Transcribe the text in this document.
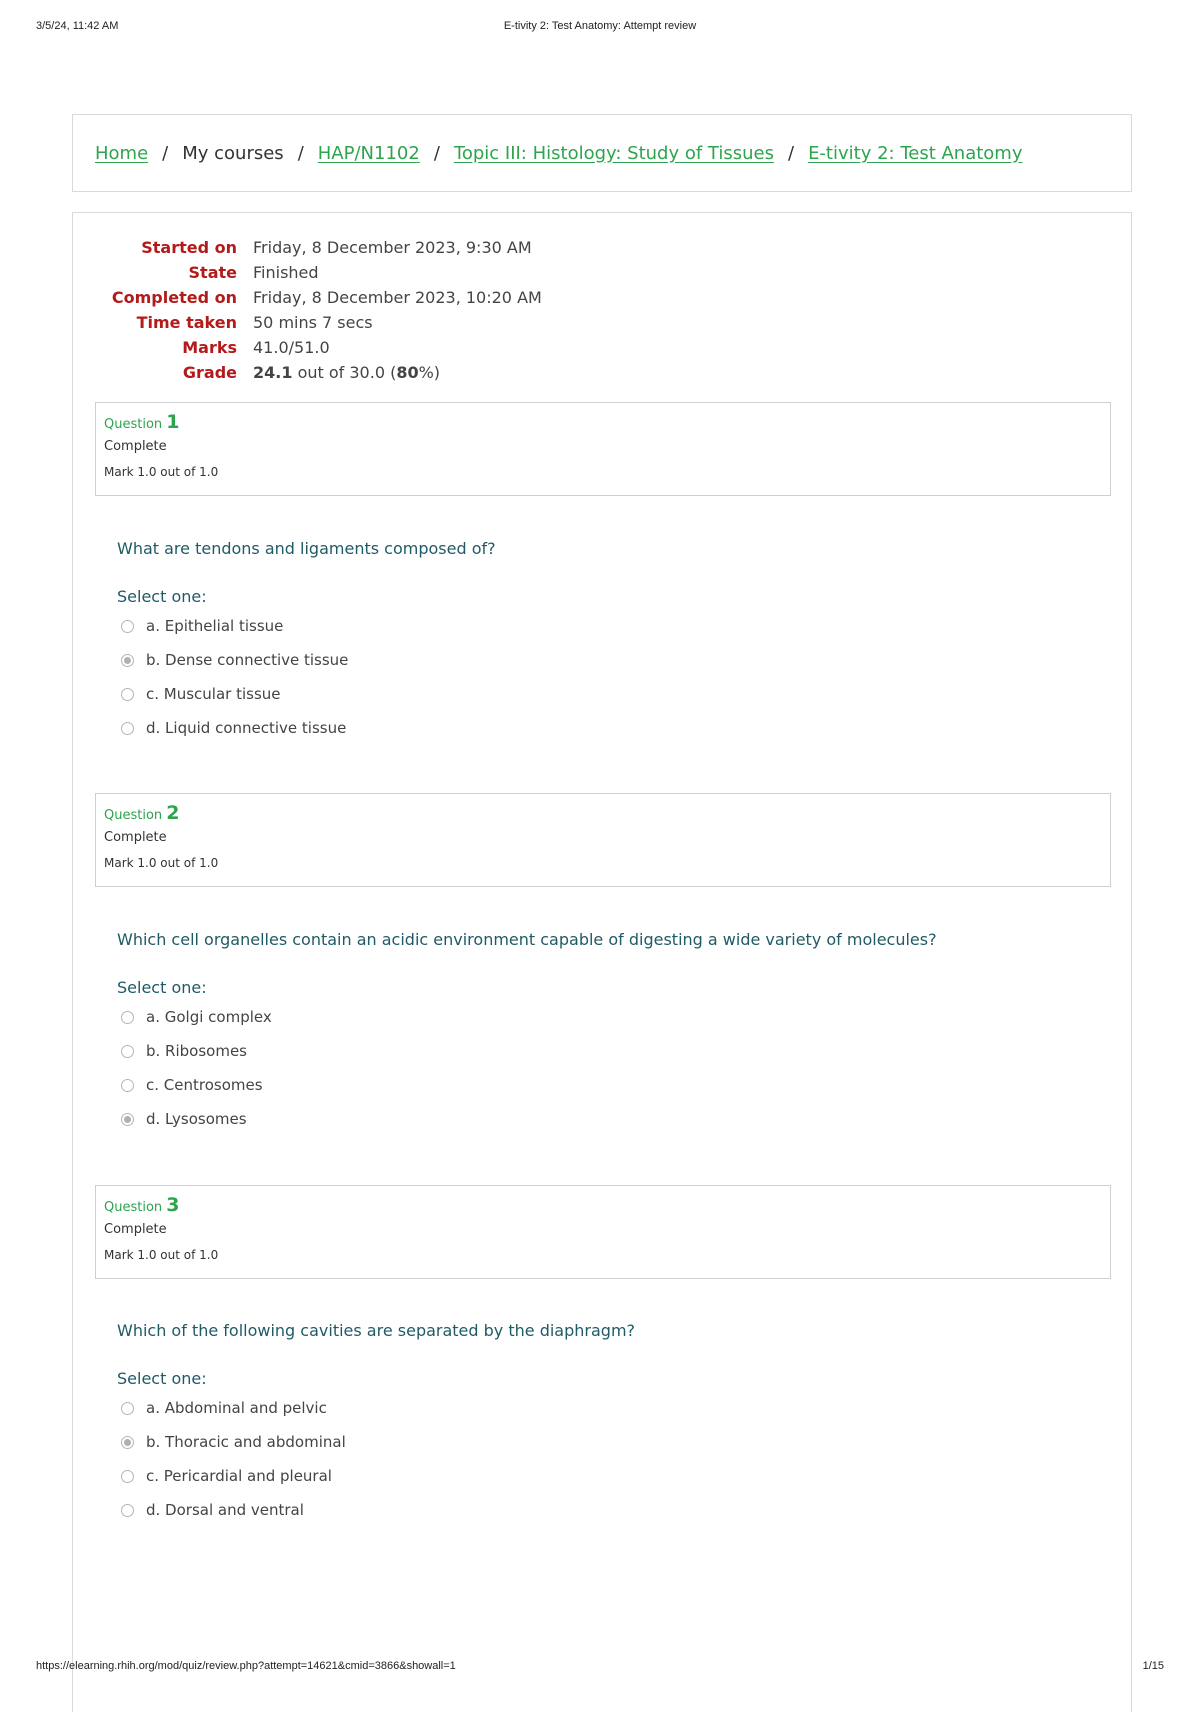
3/5/24, 11:42 AM	E-tivity 2: Test Anatomy: Attempt review
Home / My courses / HAP/N1102 / Topic III: Histology: Study of Tissues / E-tivity 2: Test Anatomy
Started on	Friday, 8 December 2023, 9:30 AM
State	Finished
Completed on	Friday, 8 December 2023, 10:20 AM
Time taken	50 mins 7 secs
Marks	41.0/51.0
Grade	24.1 out of 30.0 (80%)
Question 1
Complete
Mark 1.0 out of 1.0
What are tendons and ligaments composed of?
Select one:
a. Epithelial tissue
b. Dense connective tissue
c. Muscular tissue
d. Liquid connective tissue
Question 2
Complete
Mark 1.0 out of 1.0
Which cell organelles contain an acidic environment capable of digesting a wide variety of molecules?
Select one:
a. Golgi complex
b. Ribosomes
c. Centrosomes
d. Lysosomes
Question 3
Complete
Mark 1.0 out of 1.0
Which of the following cavities are separated by the diaphragm?
Select one:
a. Abdominal and pelvic
b. Thoracic and abdominal
c. Pericardial and pleural
d. Dorsal and ventral
https://elearning.rhih.org/mod/quiz/review.php?attempt=14621&cmid=3866&showall=1	1/15
